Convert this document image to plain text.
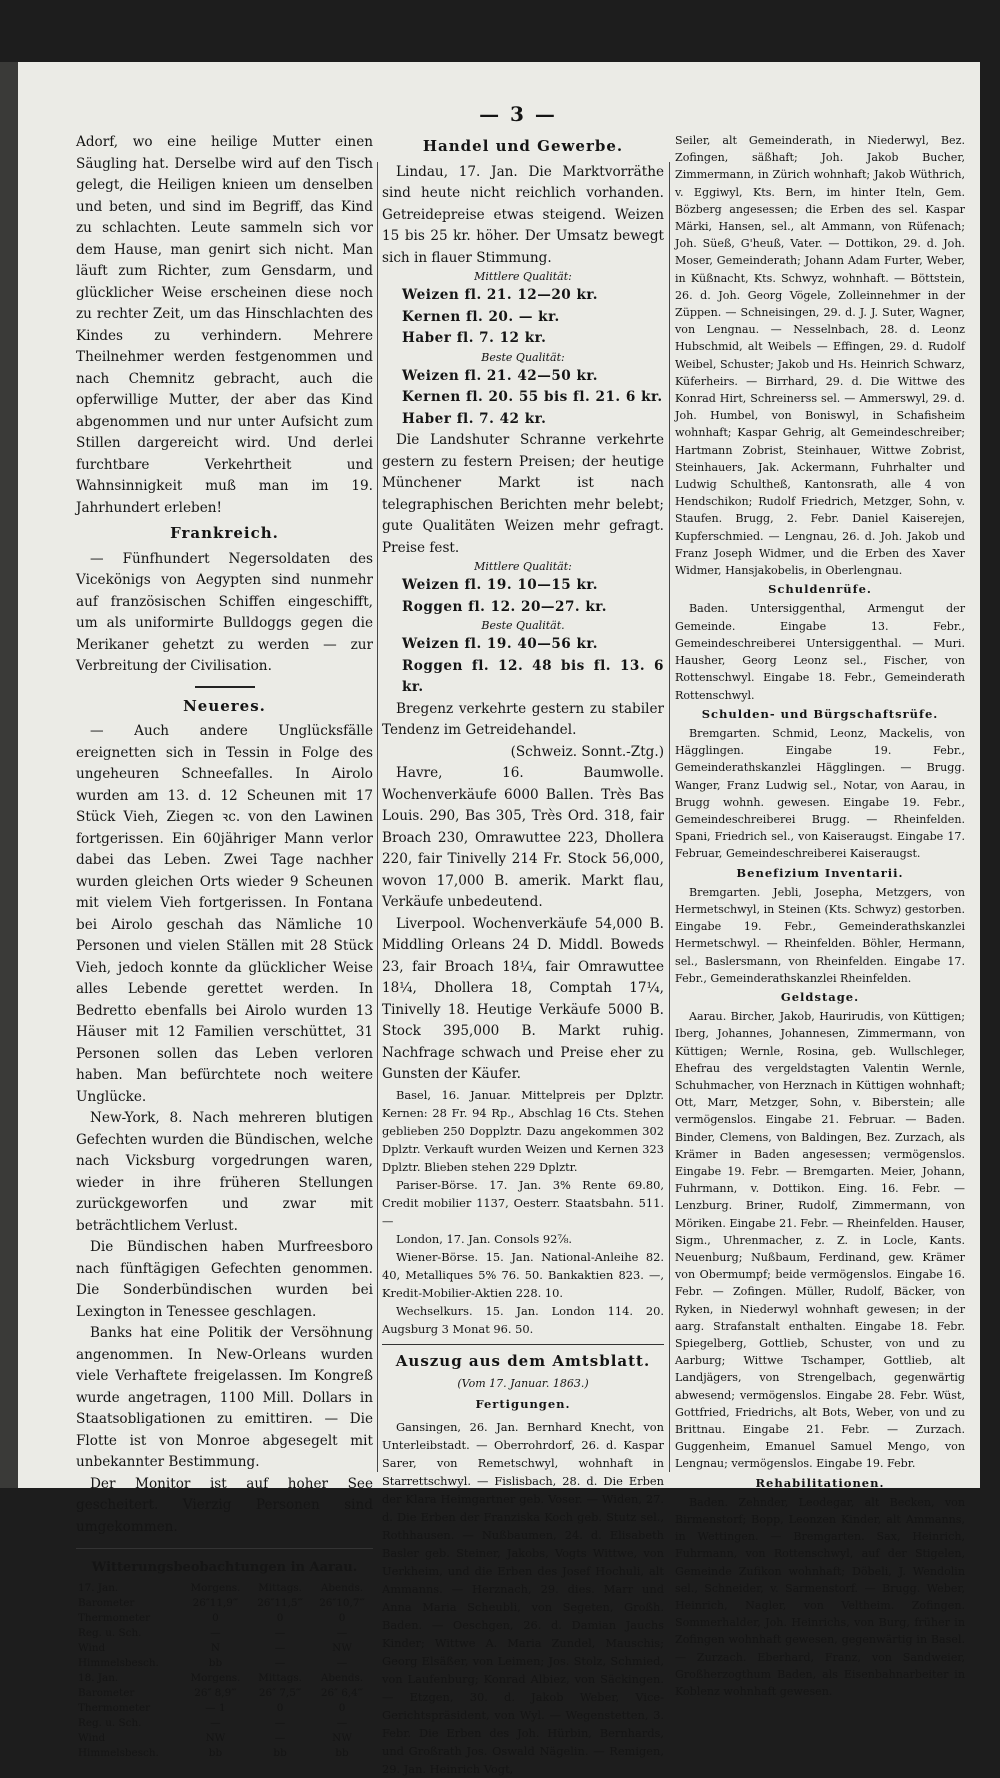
— 3 —

Adorf, wo eine heilige Mutter einen Säugling hat. Derselbe wird auf den Tisch gelegt, die Heiligen knieen um denselben und beten, und sind im Begriff, das Kind zu schlachten. Leute sammeln sich vor dem Hause, man genirt sich nicht. Man läuft zum Richter, zum Gensdarm, und glücklicher Weise erscheinen diese noch zu rechter Zeit, um das Hinschlachten des Kindes zu verhindern. Mehrere Theilnehmer werden festgenommen und nach Chemnitz gebracht, auch die opferwillige Mutter, der aber das Kind abgenommen und nur unter Aufsicht zum Stillen dargereicht wird. Und derlei furchtbare Verkehrtheit und Wahnsinnigkeit muß man im 19. Jahrhundert erleben!

Frankreich.

— Fünfhundert Negersoldaten des Vicekönigs von Aegypten sind nunmehr auf französischen Schiffen eingeschifft, um als uniformirte Bulldoggs gegen die Merikaner gehetzt zu werden — zur Verbreitung der Civilisation.

Neueres.

— Auch andere Unglücksfälle ereignetten sich in Tessin in Folge des ungeheuren Schneefalles. In Airolo wurden am 13. d. 12 Scheunen mit 17 Stück Vieh, Ziegen ꝛc. von den Lawinen fortgerissen. Ein 60jähriger Mann verlor dabei das Leben. Zwei Tage nachher wurden gleichen Orts wieder 9 Scheunen mit vielem Vieh fortgerissen. In Fontana bei Airolo geschah das Nämliche 10 Personen und vielen Ställen mit 28 Stück Vieh, jedoch konnte da glücklicher Weise alles Lebende gerettet werden. In Bedretto ebenfalls bei Airolo wurden 13 Häuser mit 12 Familien verschüttet, 31 Personen sollen das Leben verloren haben. Man befürchtete noch weitere Unglücke.

New-York, 8. Nach mehreren blutigen Gefechten wurden die Bündischen, welche nach Vicksburg vorgedrungen waren, wieder in ihre früheren Stellungen zurückgeworfen und zwar mit beträchtlichem Verlust.

Die Bündischen haben Murfreesboro nach fünftägigen Gefechten genommen. Die Sonderbündischen wurden bei Lexington in Tenessee geschlagen.

Banks hat eine Politik der Versöhnung angenommen. In New-Orleans wurden viele Verhaftete freigelassen. Im Kongreß wurde angetragen, 1100 Mill. Dollars in Staatsobligationen zu emittiren. — Die Flotte ist von Monroe abgesegelt mit unbekannter Bestimmung.

Der Monitor ist auf hoher See gescheitert. Vierzig Personen sind umgekommen.

Witterungsbeobachtungen in Aarau.
17. Jan.	Morgens.	Mittags.	Abends.
Barometer	26″11,9‴	26″11,5‴	26″10,7‴
Thermometer	0	0	0
Reg. u. Sch.	—	—	—
Wind	N	—	NW
Himmelsbesch.	bb	—	—
18. Jan.	Morgens.	Mittags.	Abends.
Barometer	26″ 8,9‴	26″ 7,5‴	26″ 6,4‴
Thermometer	— 1	0	0
Reg. u. Sch.	—	—	—
Wind	NW	—	NW
Himmelsbesch.	bb	bb	bb
Handel und Gewerbe.

Lindau, 17. Jan. Die Marktvorräthe sind heute nicht reichlich vorhanden. Getreidepreise etwas steigend. Weizen 15 bis 25 kr. höher. Der Umsatz bewegt sich in flauer Stimmung.

Mittlere Qualität:
Weizen fl. 21. 12—20 kr.
Kernen fl. 20. — kr.
Haber fl. 7. 12 kr.
Beste Qualität:
Weizen fl. 21. 42—50 kr.
Kernen fl. 20. 55 bis fl. 21. 6 kr.
Haber fl. 7. 42 kr.

Die Landshuter Schranne verkehrte gestern zu festern Preisen; der heutige Münchener Markt ist nach telegraphischen Berichten mehr belebt; gute Qualitäten Weizen mehr gefragt. Preise fest.

Mittlere Qualität:
Weizen fl. 19. 10—15 kr.
Roggen fl. 12. 20—27. kr.
Beste Qualität.
Weizen fl. 19. 40—56 kr.
Roggen fl. 12. 48 bis fl. 13. 6 kr.

Bregenz verkehrte gestern zu stabiler Tendenz im Getreidehandel.

(Schweiz. Sonnt.-Ztg.)

Havre, 16. Baumwolle. Wochenverkäufe 6000 Ballen. Très Bas Louis. 290, Bas 305, Très Ord. 318, fair Broach 230, Omrawuttee 223, Dhollera 220, fair Tinivelly 214 Fr. Stock 56,000, wovon 17,000 B. amerik. Markt flau, Verkäufe unbedeutend.

Liverpool. Wochenverkäufe 54,000 B. Middling Orleans 24 D. Middl. Boweds 23, fair Broach 18¼, fair Omrawuttee 18¼, Dhollera 18, Comptah 17¼, Tinivelly 18. Heutige Verkäufe 5000 B. Stock 395,000 B. Markt ruhig. Nachfrage schwach und Preise eher zu Gunsten der Käufer.

Basel, 16. Januar. Mittelpreis per Dplztr. Kernen: 28 Fr. 94 Rp., Abschlag 16 Cts. Stehen geblieben 250 Dopplztr. Dazu angekommen 302 Dplztr. Verkauft wurden Weizen und Kernen 323 Dplztr. Blieben stehen 229 Dplztr.

Pariser-Börse. 17. Jan. 3% Rente 69.80, Credit mobilier 1137, Oesterr. Staatsbahn. 511. —

London, 17. Jan. Consols 92⅞.

Wiener-Börse. 15. Jan. National-Anleihe 82. 40, Metalliques 5% 76. 50. Bankaktien 823. —, Kredit-Mobilier-Aktien 228. 10.

Wechselkurs. 15. Jan. London 114. 20. Augsburg 3 Monat 96. 50.

Auszug aus dem Amtsblatt.
(Vom 17. Januar. 1863.)
Fertigungen.

Gansingen, 26. Jan. Bernhard Knecht, von Unterleibstadt. — Oberrohrdorf, 26. d. Kaspar Sarer, von Remetschwyl, wohnhaft in Starrettschwyl. — Fislisbach, 28. d. Die Erben der Klara Heimgartner geb. Voser. — Widen, 27. d. Die Erben der Franziska Koch geb. Stutz sel., Rothhausen. — Nußbaumen, 24. d. Elisabeth Basler geb. Steiner, Jakobs, Vogts Wittwe, von Uerkheim, und die Erben des Josef Hochuli, alt Ammanns. — Herznach, 29. dies. Marr und Anna Maria Scheubli, von Segeten, Großh. Baden. — Oeschgen, 26. d. Damian Jauchs Kinder; Wittwe A. Maria Zundel, Mauschis; Georg Elsäßer, von Leimen; Jos. Stolz, Schmied, von Laufenburg; Konrad Albiez, von Säckingen. — Etzgen, 30. d. Jakob Weber, Vice-Gerichtspräsident, von Wyl. — Wegenstetten, 3. Febr. Die Erben des Joh. Hürbin, Bernhards, und Großrath Jos. Oswald Nägelin. — Remigen, 29. Jan. Heinrich Vogt,

Seiler, alt Gemeinderath, in Niederwyl, Bez. Zofingen, säßhaft; Joh. Jakob Bucher, Zimmermann, in Zürich wohnhaft; Jakob Wüthrich, v. Eggiwyl, Kts. Bern, im hinter Iteln, Gem. Bözberg angesessen; die Erben des sel. Kaspar Märki, Hansen, sel., alt Ammann, von Rüfenach; Joh. Süeß, G'heuß, Vater. — Dottikon, 29. d. Joh. Moser, Gemeinderath; Johann Adam Furter, Weber, in Küßnacht, Kts. Schwyz, wohnhaft. — Böttstein, 26. d. Joh. Georg Vögele, Zolleinnehmer in der Züppen. — Schneisingen, 29. d. J. J. Suter, Wagner, von Lengnau. — Nesselnbach, 28. d. Leonz Hubschmid, alt Weibels — Effingen, 29. d. Rudolf Weibel, Schuster; Jakob und Hs. Heinrich Schwarz, Küferheirs. — Birrhard, 29. d. Die Wittwe des Konrad Hirt, Schreinerss sel. — Ammerswyl, 29. d. Joh. Humbel, von Boniswyl, in Schafisheim wohnhaft; Kaspar Gehrig, alt Gemeindeschreiber; Hartmann Zobrist, Steinhauer, Wittwe Zobrist, Steinhauers, Jak. Ackermann, Fuhrhalter und Ludwig Schultheß, Kantonsrath, alle 4 von Hendschikon; Rudolf Friedrich, Metzger, Sohn, v. Staufen. Brugg, 2. Febr. Daniel Kaiserejen, Kupferschmied. — Lengnau, 26. d. Joh. Jakob und Franz Joseph Widmer, und die Erben des Xaver Widmer, Hansjakobelis, in Oberlengnau.

Schuldenrüfe.

Baden. Untersiggenthal, Armengut der Gemeinde. Eingabe 13. Febr., Gemeindeschreiberei Untersiggenthal. — Muri. Hausher, Georg Leonz sel., Fischer, von Rottenschwyl. Eingabe 18. Febr., Gemeinderath Rottenschwyl.

Schulden- und Bürgschaftsrüfe.

Bremgarten. Schmid, Leonz, Mackelis, von Hägglingen. Eingabe 19. Febr., Gemeinderathskanzlei Hägglingen. — Brugg. Wanger, Franz Ludwig sel., Notar, von Aarau, in Brugg wohnh. gewesen. Eingabe 19. Febr., Gemeindeschreiberei Brugg. — Rheinfelden. Spani, Friedrich sel., von Kaiseraugst. Eingabe 17. Februar, Gemeindeschreiberei Kaiseraugst.

Benefizium Inventarii.

Bremgarten. Jebli, Josepha, Metzgers, von Hermetschwyl, in Steinen (Kts. Schwyz) gestorben. Eingabe 19. Febr., Gemeinderathskanzlei Hermetschwyl. — Rheinfelden. Böhler, Hermann, sel., Baslersmann, von Rheinfelden. Eingabe 17. Febr., Gemeinderathskanzlei Rheinfelden.

Geldstage.

Aarau. Bircher, Jakob, Haurirudis, von Küttigen; Iberg, Johannes, Johannesen, Zimmermann, von Küttigen; Wernle, Rosina, geb. Wullschleger, Ehefrau des vergeldstagten Valentin Wernle, Schuhmacher, von Herznach in Küttigen wohnhaft; Ott, Marr, Metzger, Sohn, v. Biberstein; alle vermögenslos. Eingabe 21. Februar. — Baden. Binder, Clemens, von Baldingen, Bez. Zurzach, als Krämer in Baden angesessen; vermögenslos. Eingabe 19. Febr. — Bremgarten. Meier, Johann, Fuhrmann, v. Dottikon. Eing. 16. Febr. — Lenzburg. Briner, Rudolf, Zimmermann, von Möriken. Eingabe 21. Febr. — Rheinfelden. Hauser, Sigm., Uhrenmacher, z. Z. in Locle, Kants. Neuenburg; Nußbaum, Ferdinand, gew. Krämer von Obermumpf; beide vermögenslos. Eingabe 16. Febr. — Zofingen. Müller, Rudolf, Bäcker, von Ryken, in Niederwyl wohnhaft gewesen; in der aarg. Strafanstalt enthalten. Eingabe 18. Febr. Spiegelberg, Gottlieb, Schuster, von und zu Aarburg; Wittwe Tschamper, Gottlieb, alt Landjägers, von Strengelbach, gegenwärtig abwesend; vermögenslos. Eingabe 28. Febr. Wüst, Gottfried, Friedrichs, alt Bots, Weber, von und zu Brittnau. Eingabe 21. Febr. — Zurzach. Guggenheim, Emanuel Samuel Mengo, von Lengnau; vermögenslos. Eingabe 19. Febr.

Rehabilitationen.

Baden. Zehnder, Leodegar, alt Becken, von Birmenstorf; Bopp, Leonzen Kinder, alt Ammanns, in Wettingen. — Bremgarten. Sax, Heinrich, Fuhrmann, von Rottenschwyl, auf der Stigelen, Gemeinde Zufikon wohnhaft; Döbeli, J. Wendolin sel., Schneider, v. Sarmenstorf. — Brugg. Weber, Heinrich, Nagler, von Veltheim. Zofingen. Sommerhalder, Joh. Heinrichs, von Burg, früher in Zofingen wohnhaft gewesen, gegenwärtig in Basel. — Zurzach. Eberhard, Franz, von Sandweier, Großherzogthum Baden, als Eisenbahnarbeiter in Koblenz wohnhaft gewesen.
